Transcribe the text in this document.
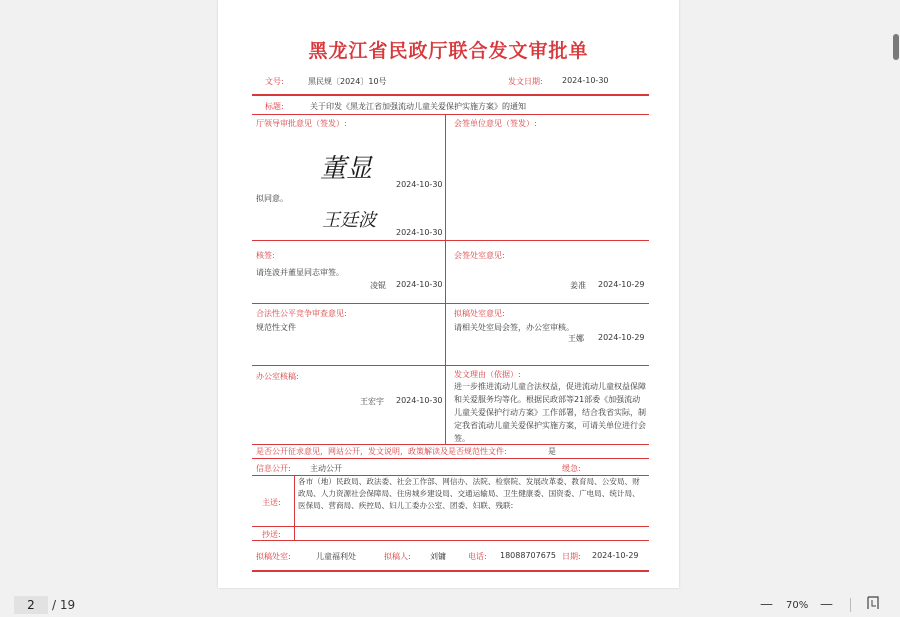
黑龙江省民政厅联合发文审批单
文号:	黑民规〔2024〕10号	发文日期: 2024-10-30
标题:	关于印发《黑龙江省加强流动儿童关爱保护实施方案》的通知
厅领导审批意见（签发）:
董显
2024-10-30
拟同意。
王廷波
2024-10-30
会签单位意见（签发）:
核签:
请连波并董显同志审签。
凌锟 2024-10-30
会签处室意见:
姜准 2024-10-29
合法性公平竞争审查意见:
规范性文件
拟稿处室意见:
请相关处室局会签，办公室审核。
王娜 2024-10-29
办公室核稿:
王宏宇 2024-10-30
发文理由（依据）:
进一步推进流动儿童合法权益，促进流动儿童权益保障和关爱服务均等化。根据民政部等21部委《加强流动儿童关爱保护行动方案》工作部署，结合我省实际，制定我省流动儿童关爱保护实施方案，可请关单位进行会签。
是否公开征求意见，网站公开，发文说明，政策解读及是否规范性文件:	是
信息公开: 主动公开	缓急:
主送:
各市（地）民政局、政法委、社会工作部、网信办、法院、检察院、发展改革委、教育局、公安局、财政局、人力资源社会保障局、住房城乡建设局、交通运输局、卫生健康委、国资委、广电局、统计局、医保局、营商局、疾控局、妇儿工委办公室、团委、妇联、残联:
抄送:
拟稿处室:	儿童福利处	拟稿人: 刘镛	电话: 18088707675 日期: 2024-10-29
2	/ 19	— 70% —
